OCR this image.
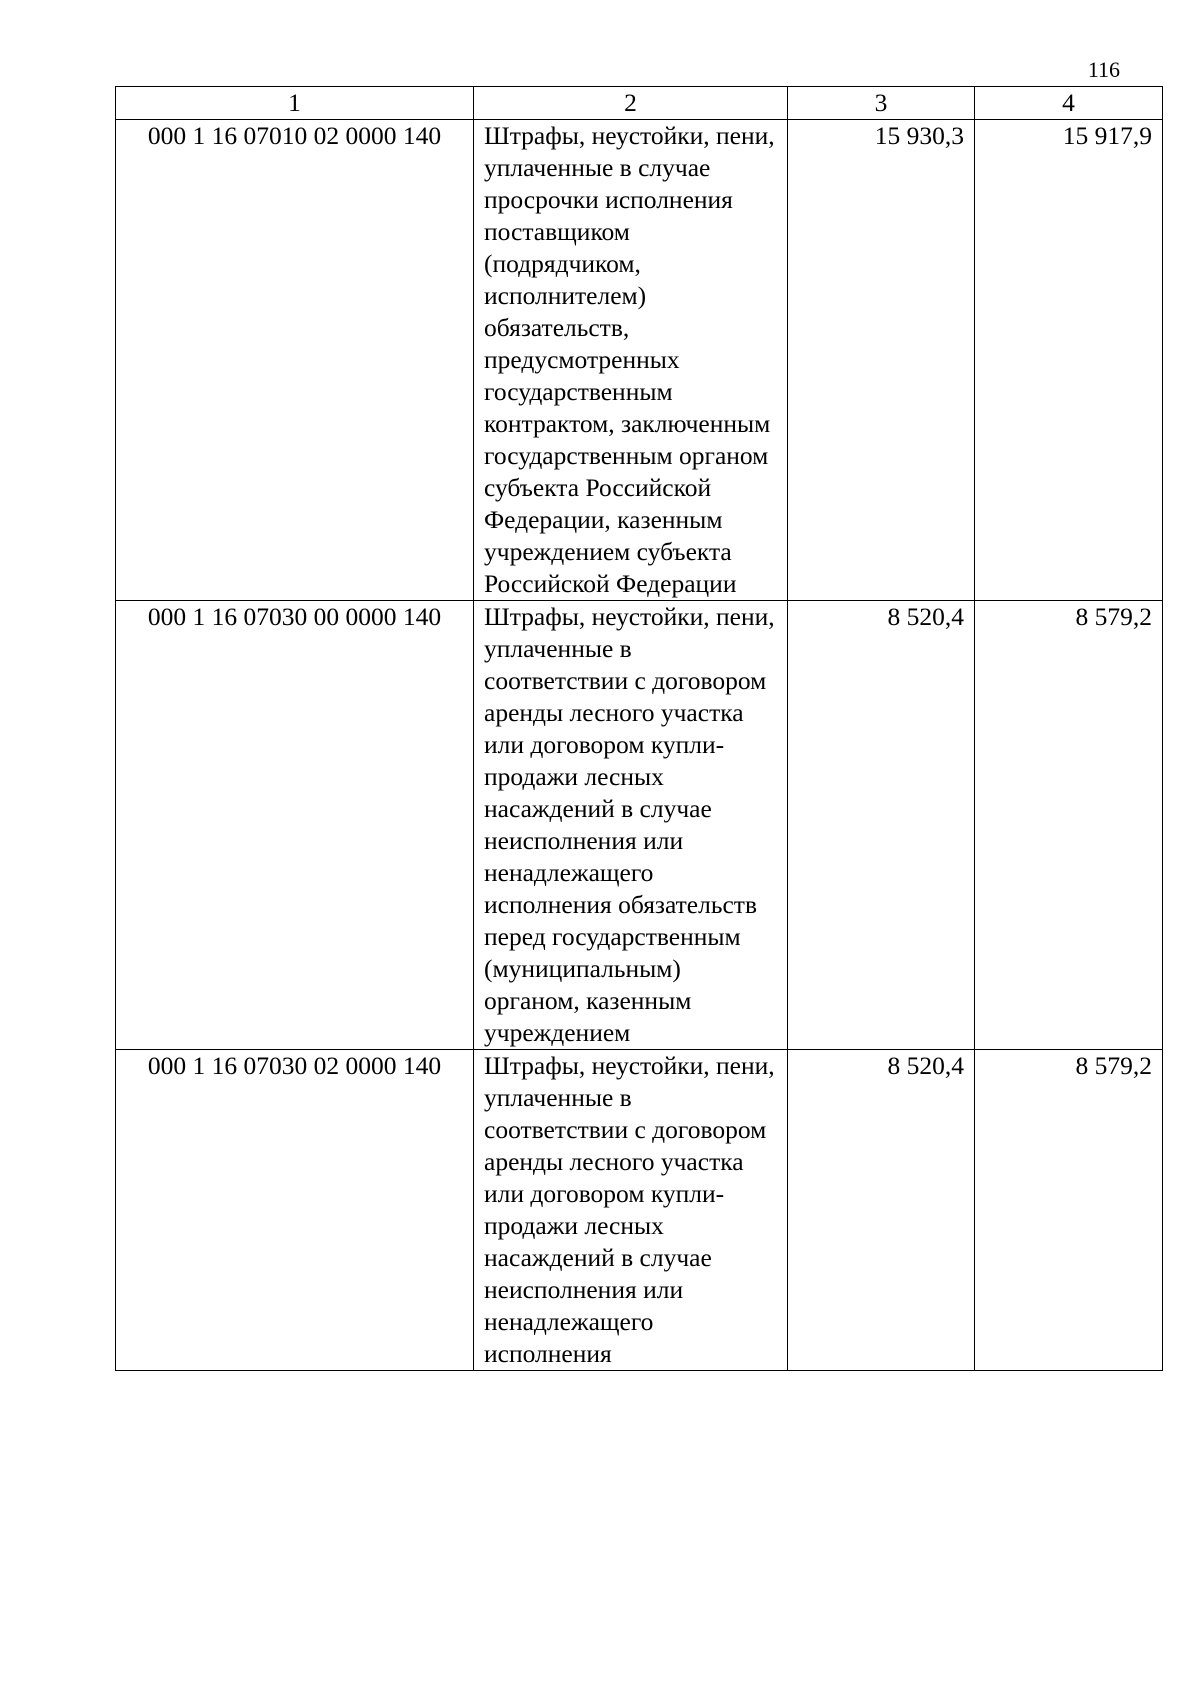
116
1	2	3	4
000 1 16 07010 02 0000 140	Штрафы, неустойки, пени, уплаченные в случае просрочки исполнения поставщиком (подрядчиком, исполнителем) обязательств, предусмотренных государственным контрактом, заключенным государственным органом субъекта Российской Федерации, казенным учреждением субъекта Российской Федерации	15 930,3	15 917,9
000 1 16 07030 00 0000 140	Штрафы, неустойки, пени, уплаченные в соответствии с договором аренды лесного участка или договором купли-продажи лесных насаждений в случае неисполнения или ненадлежащего исполнения обязательств перед государственным (муниципальным) органом, казенным учреждением	8 520,4	8 579,2
000 1 16 07030 02 0000 140	Штрафы, неустойки, пени, уплаченные в соответствии с договором аренды лесного участка или договором купли-продажи лесных насаждений в случае неисполнения или ненадлежащего исполнения	8 520,4	8 579,2
